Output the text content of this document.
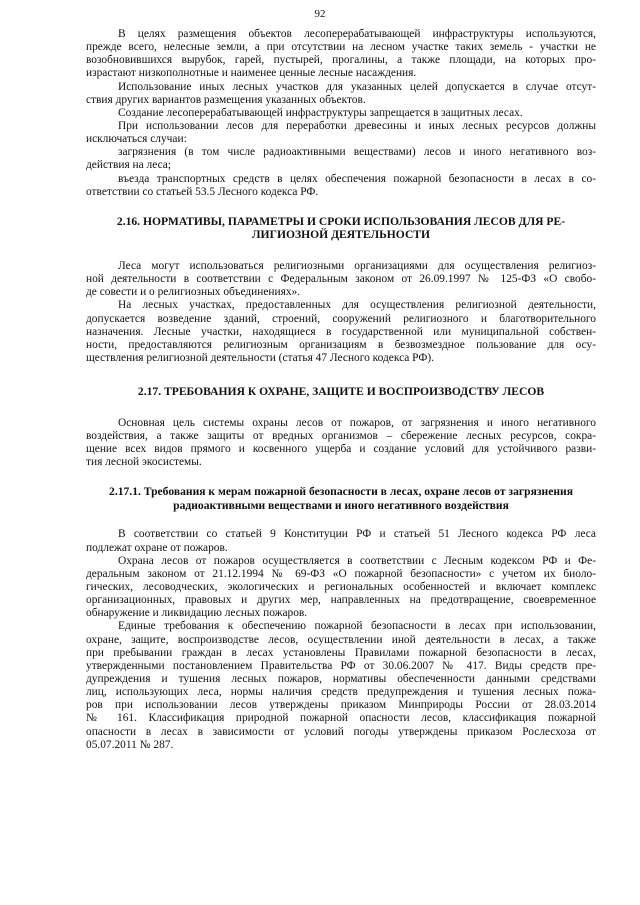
92
В целях размещения объектов лесоперерабатывающей инфраструктуры используются,
прежде всего, нелесные земли, а при отсутствии на лесном участке таких земель - участки не
возобновившихся вырубок, гарей, пустырей, прогалины, а также площади, на которых про-
израстают низкополнотные и наименее ценные лесные насаждения.
Использование иных лесных участков для указанных целей допускается в случае отсут-
ствия других вариантов размещения указанных объектов.
Создание лесоперерабатывающей инфраструктуры запрещается в защитных лесах.
При использовании лесов для переработки древесины и иных лесных ресурсов должны
исключаться случаи:
загрязнения (в том числе радиоактивными веществами) лесов и иного негативного воз-
действия на леса;
въезда транспортных средств в целях обеспечения пожарной безопасности в лесах в со-
ответствии со статьей 53.5 Лесного кодекса РФ.
2.16. НОРМАТИВЫ, ПАРАМЕТРЫ И СРОКИ ИСПОЛЬЗОВАНИЯ ЛЕСОВ ДЛЯ РЕ-
ЛИГИОЗНОЙ ДЕЯТЕЛЬНОСТИ
Леса могут использоваться религиозными организациями для осуществления религиоз-
ной деятельности в соответствии с Федеральным законом от 26.09.1997 № 125-ФЗ «О свобо-
де совести и о религиозных объединениях».
На лесных участках, предоставленных для осуществления религиозной деятельности,
допускается возведение зданий, строений, сооружений религиозного и благотворительного
назначения. Лесные участки, находящиеся в государственной или муниципальной собствен-
ности, предоставляются религиозным организациям в безвозмездное пользование для осу-
ществления религиозной деятельности (статья 47 Лесного кодекса РФ).
2.17. ТРЕБОВАНИЯ К ОХРАНЕ, ЗАЩИТЕ И ВОСПРОИЗВОДСТВУ ЛЕСОВ
Основная цель системы охраны лесов от пожаров, от загрязнения и иного негативного
воздействия, а также защиты от вредных организмов – сбережение лесных ресурсов, сокра-
щение всех видов прямого и косвенного ущерба и создание условий для устойчивого разви-
тия лесной экосистемы.
2.17.1. Требования к мерам пожарной безопасности в лесах, охране лесов от загрязнения
радиоактивными веществами и иного негативного воздействия
В соответствии со статьей 9 Конституции РФ и статьей 51 Лесного кодекса РФ леса
подлежат охране от пожаров.
Охрана лесов от пожаров осуществляется в соответствии с Лесным кодексом РФ и Фе-
деральным законом от 21.12.1994 № 69-ФЗ «О пожарной безопасности» с учетом их биоло-
гических, лесоводческих, экологических и региональных особенностей и включает комплекс
организационных, правовых и других мер, направленных на предотвращение, своевременное
обнаружение и ликвидацию лесных пожаров.
Единые требования к обеспечению пожарной безопасности в лесах при использовании,
охране, защите, воспроизводстве лесов, осуществлении иной деятельности в лесах, а также
при пребывании граждан в лесах установлены Правилами пожарной безопасности в лесах,
утвержденными постановлением Правительства РФ от 30.06.2007 № 417. Виды средств пре-
дупреждения и тушения лесных пожаров, нормативы обеспеченности данными средствами
лиц, использующих леса, нормы наличия средств предупреждения и тушения лесных пожа-
ров при использовании лесов утверждены приказом Минприроды России от 28.03.2014
№ 161. Классификация природной пожарной опасности лесов, классификация пожарной
опасности в лесах в зависимости от условий погоды утверждены приказом Рослесхоза от
05.07.2011 № 287.
